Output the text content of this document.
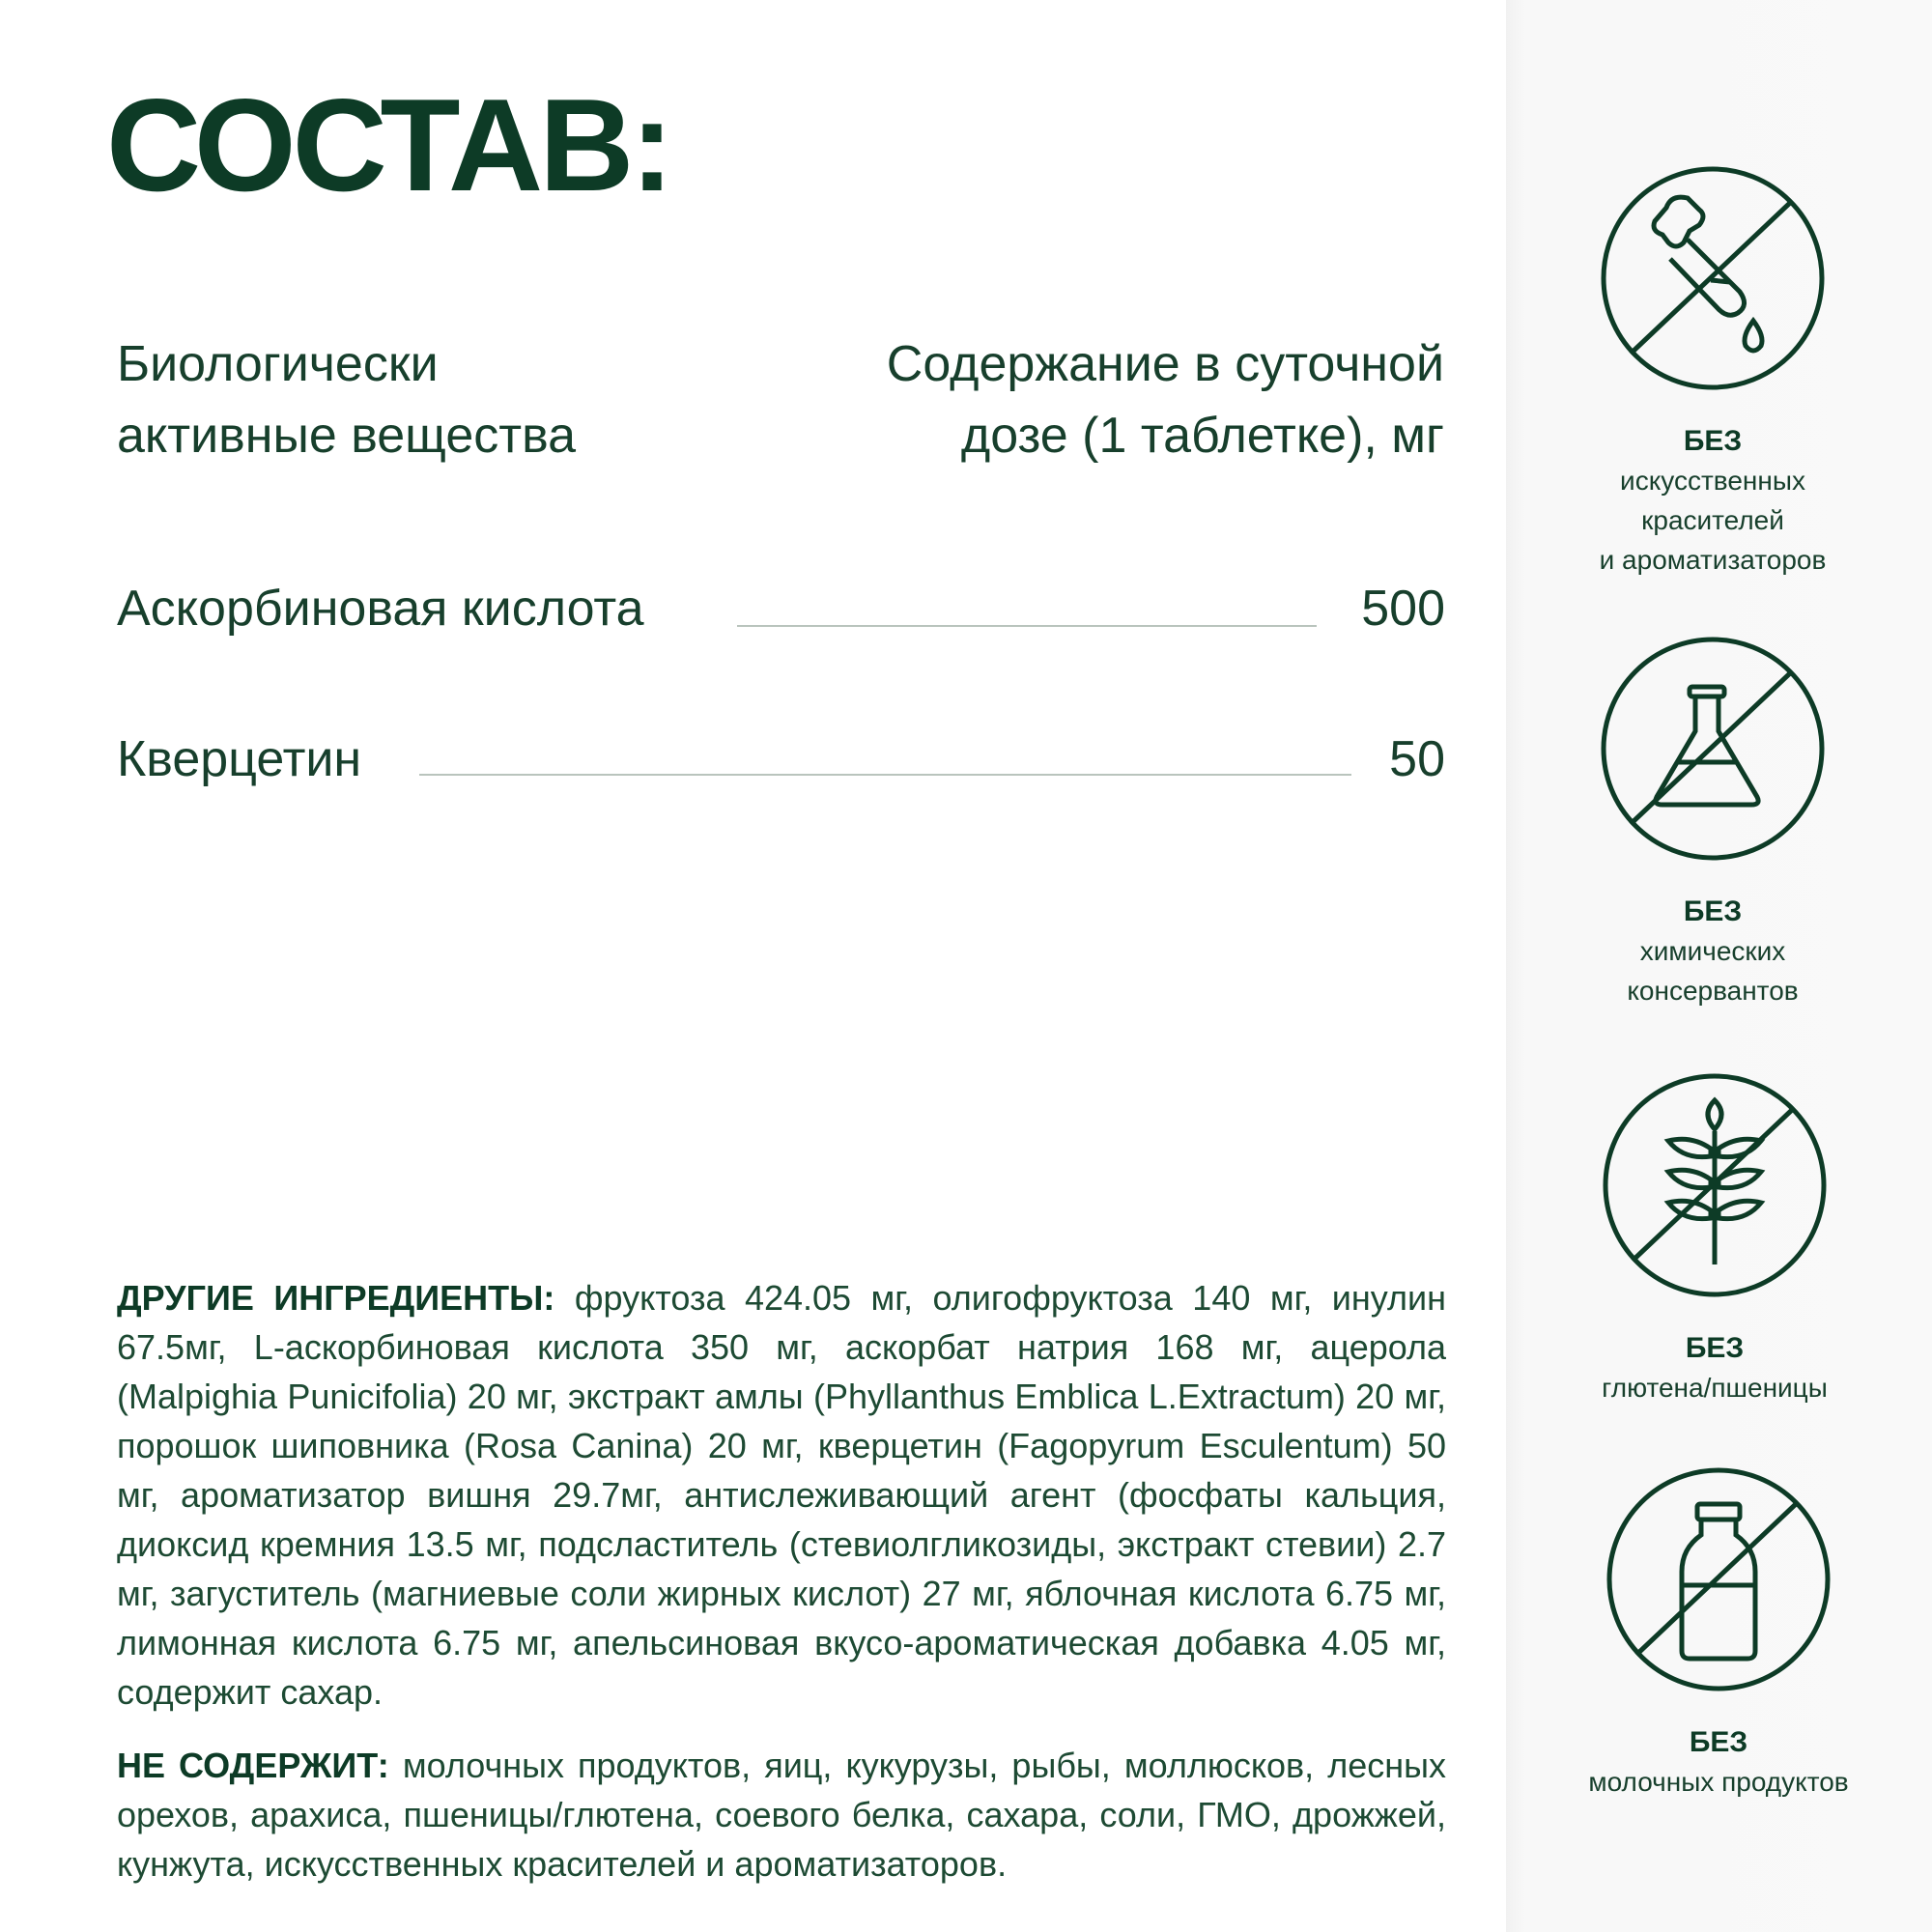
СОСТАВ:
Биологически
активные вещества
Содержание в суточной
дозе (1 таблетке), мг
Аскорбиновая кислота	500
Кверцетин	50
ДРУГИЕ ИНГРЕДИЕНТЫ: фруктоза 424.05 мг, олигофруктоза 140 мг, инулин 67.5мг, L-аскорбиновая кислота 350 мг, аскорбат натрия 168 мг, ацерола (Malpighia Punicifolia) 20 мг, экстракт амлы (Phyllanthus Emblica L.Extractum) 20 мг, порошок шиповника (Rosa Canina) 20 мг, кверцетин (Fagopyrum Esculentum) 50 мг, ароматизатор вишня 29.7мг, антислеживающий агент (фосфаты кальция, диоксид кремния 13.5 мг, подсластитель (стевиолгликозиды, экстракт стевии) 2.7 мг, загуститель (магниевые соли жирных кислот) 27 мг, яблочная кислота 6.75 мг, лимонная кислота 6.75 мг, апельсиновая вкусо-ароматическая добавка 4.05 мг, содержит сахар.
НЕ СОДЕРЖИТ: молочных продуктов, яиц, кукурузы, рыбы, моллюсков, лесных орехов, арахиса, пшеницы/глютена, соевого белка, сахара, соли, ГМО, дрожжей, кунжута, искусственных красителей и ароматизаторов.
БЕЗ
искусственных
красителей
и ароматизаторов
БЕЗ
химических
консервантов
БЕЗ
глютена/пшеницы
БЕЗ
молочных продуктов
